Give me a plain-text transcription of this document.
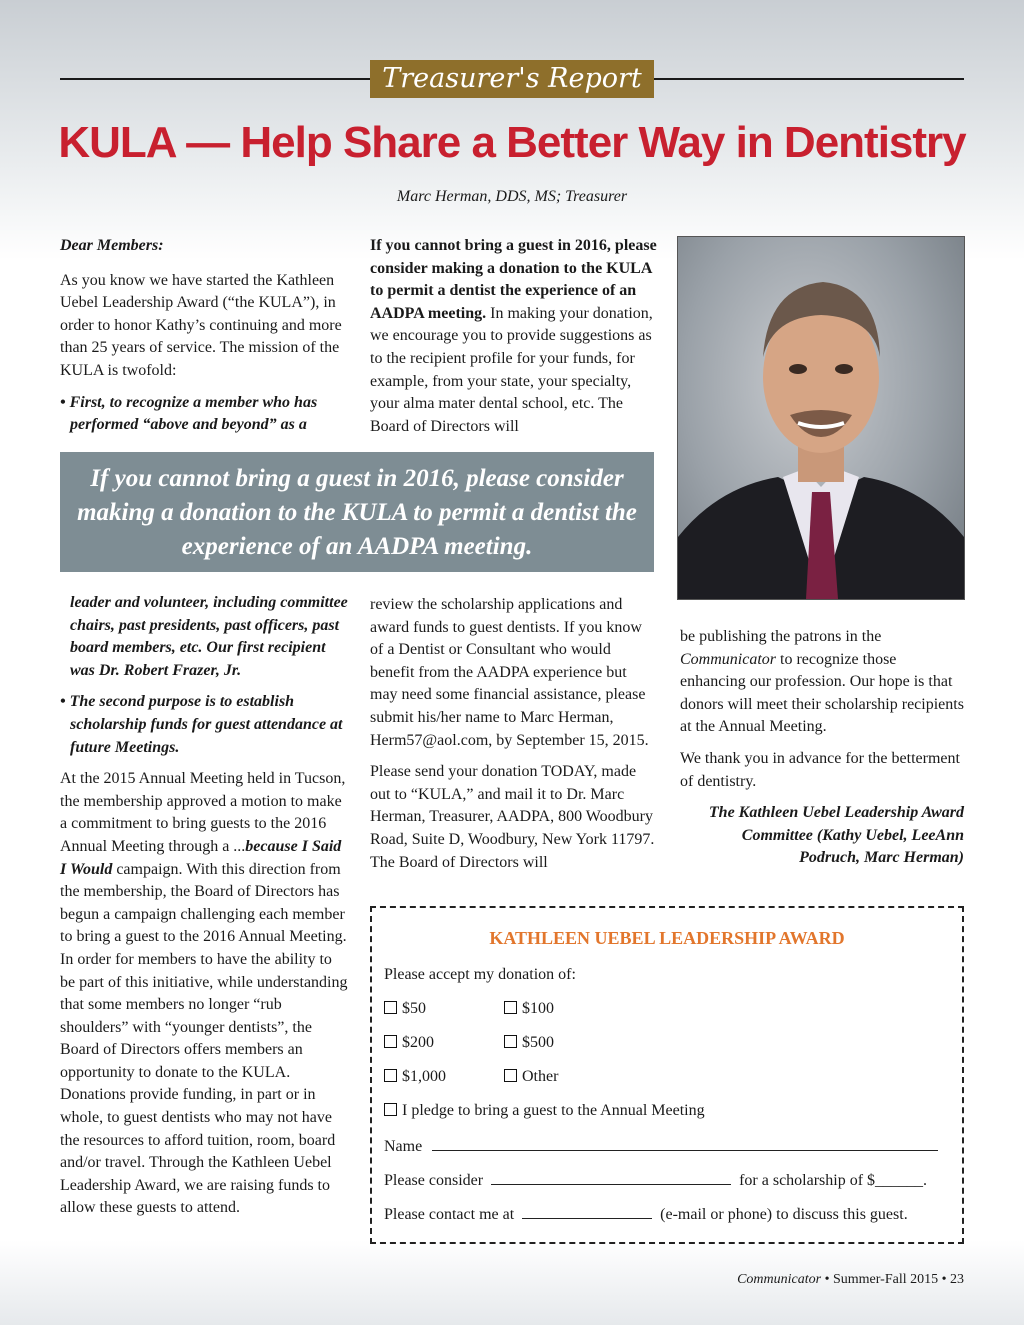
Treasurer's Report
KULA — Help Share a Better Way in Dentistry
Marc Herman, DDS, MS; Treasurer

Dear Members:

As you know we have started the Kathleen Uebel Leadership Award (“the KULA”), in order to honor Kathy’s continuing and more than 25 years of service. The mission of the KULA is twofold:

• First, to recognize a member who has performed “above and beyond” as a

If you cannot bring a guest in 2016, please consider making a donation to the KULA to permit a dentist the experience of an AADPA meeting. In making your donation, we encourage you to provide suggestions as to the recipient profile for your funds, for example, from your state, your specialty, your alma mater dental school, etc. The Board of Directors will

If you cannot bring a guest in 2016, please consider making a donation to the KULA to permit a dentist the experience of an AADPA meeting.

leader and volunteer, including committee chairs, past presidents, past officers, past board members, etc. Our first recipient was Dr. Robert Frazer, Jr.

• The second purpose is to establish scholarship funds for guest attendance at future Meetings.

At the 2015 Annual Meeting held in Tucson, the membership approved a motion to make a commitment to bring guests to the 2016 Annual Meeting through a ...because I Said I Would campaign. With this direction from the membership, the Board of Directors has begun a campaign challenging each member to bring a guest to the 2016 Annual Meeting. In order for members to have the ability to be part of this initiative, while understanding that some members no longer “rub shoulders” with “younger dentists”, the Board of Directors offers members an opportunity to donate to the KULA. Donations provide funding, in part or in whole, to guest dentists who may not have the resources to afford tuition, room, board and/or travel. Through the Kathleen Uebel Leadership Award, we are raising funds to allow these guests to attend.

review the scholarship applications and award funds to guest dentists. If you know of a Dentist or Consultant who would benefit from the AADPA experience but may need some financial assistance, please submit his/her name to Marc Herman, Herm57@aol.com, by September 15, 2015.

Please send your donation TODAY, made out to “KULA,” and mail it to Dr. Marc Herman, Treasurer, AADPA, 800 Woodbury Road, Suite D, Woodbury, New York 11797. The Board of Directors will

be publishing the patrons in the Communicator to recognize those enhancing our profession. Our hope is that donors will meet their scholarship recipients at the Annual Meeting.

We thank you in advance for the betterment of dentistry.

The Kathleen Uebel Leadership Award Committee (Kathy Uebel, LeeAnn Podruch, Marc Herman)

KATHLEEN UEBEL LEADERSHIP AWARD
Please accept my donation of:
$50	$100
$200	$500
$1,000	Other
I pledge to bring a guest to the Annual Meeting
Name
Please consider	for a scholarship of $______.
Please contact me at	(e-mail or phone) to discuss this guest.
Communicator • Summer-Fall 2015 • 23
